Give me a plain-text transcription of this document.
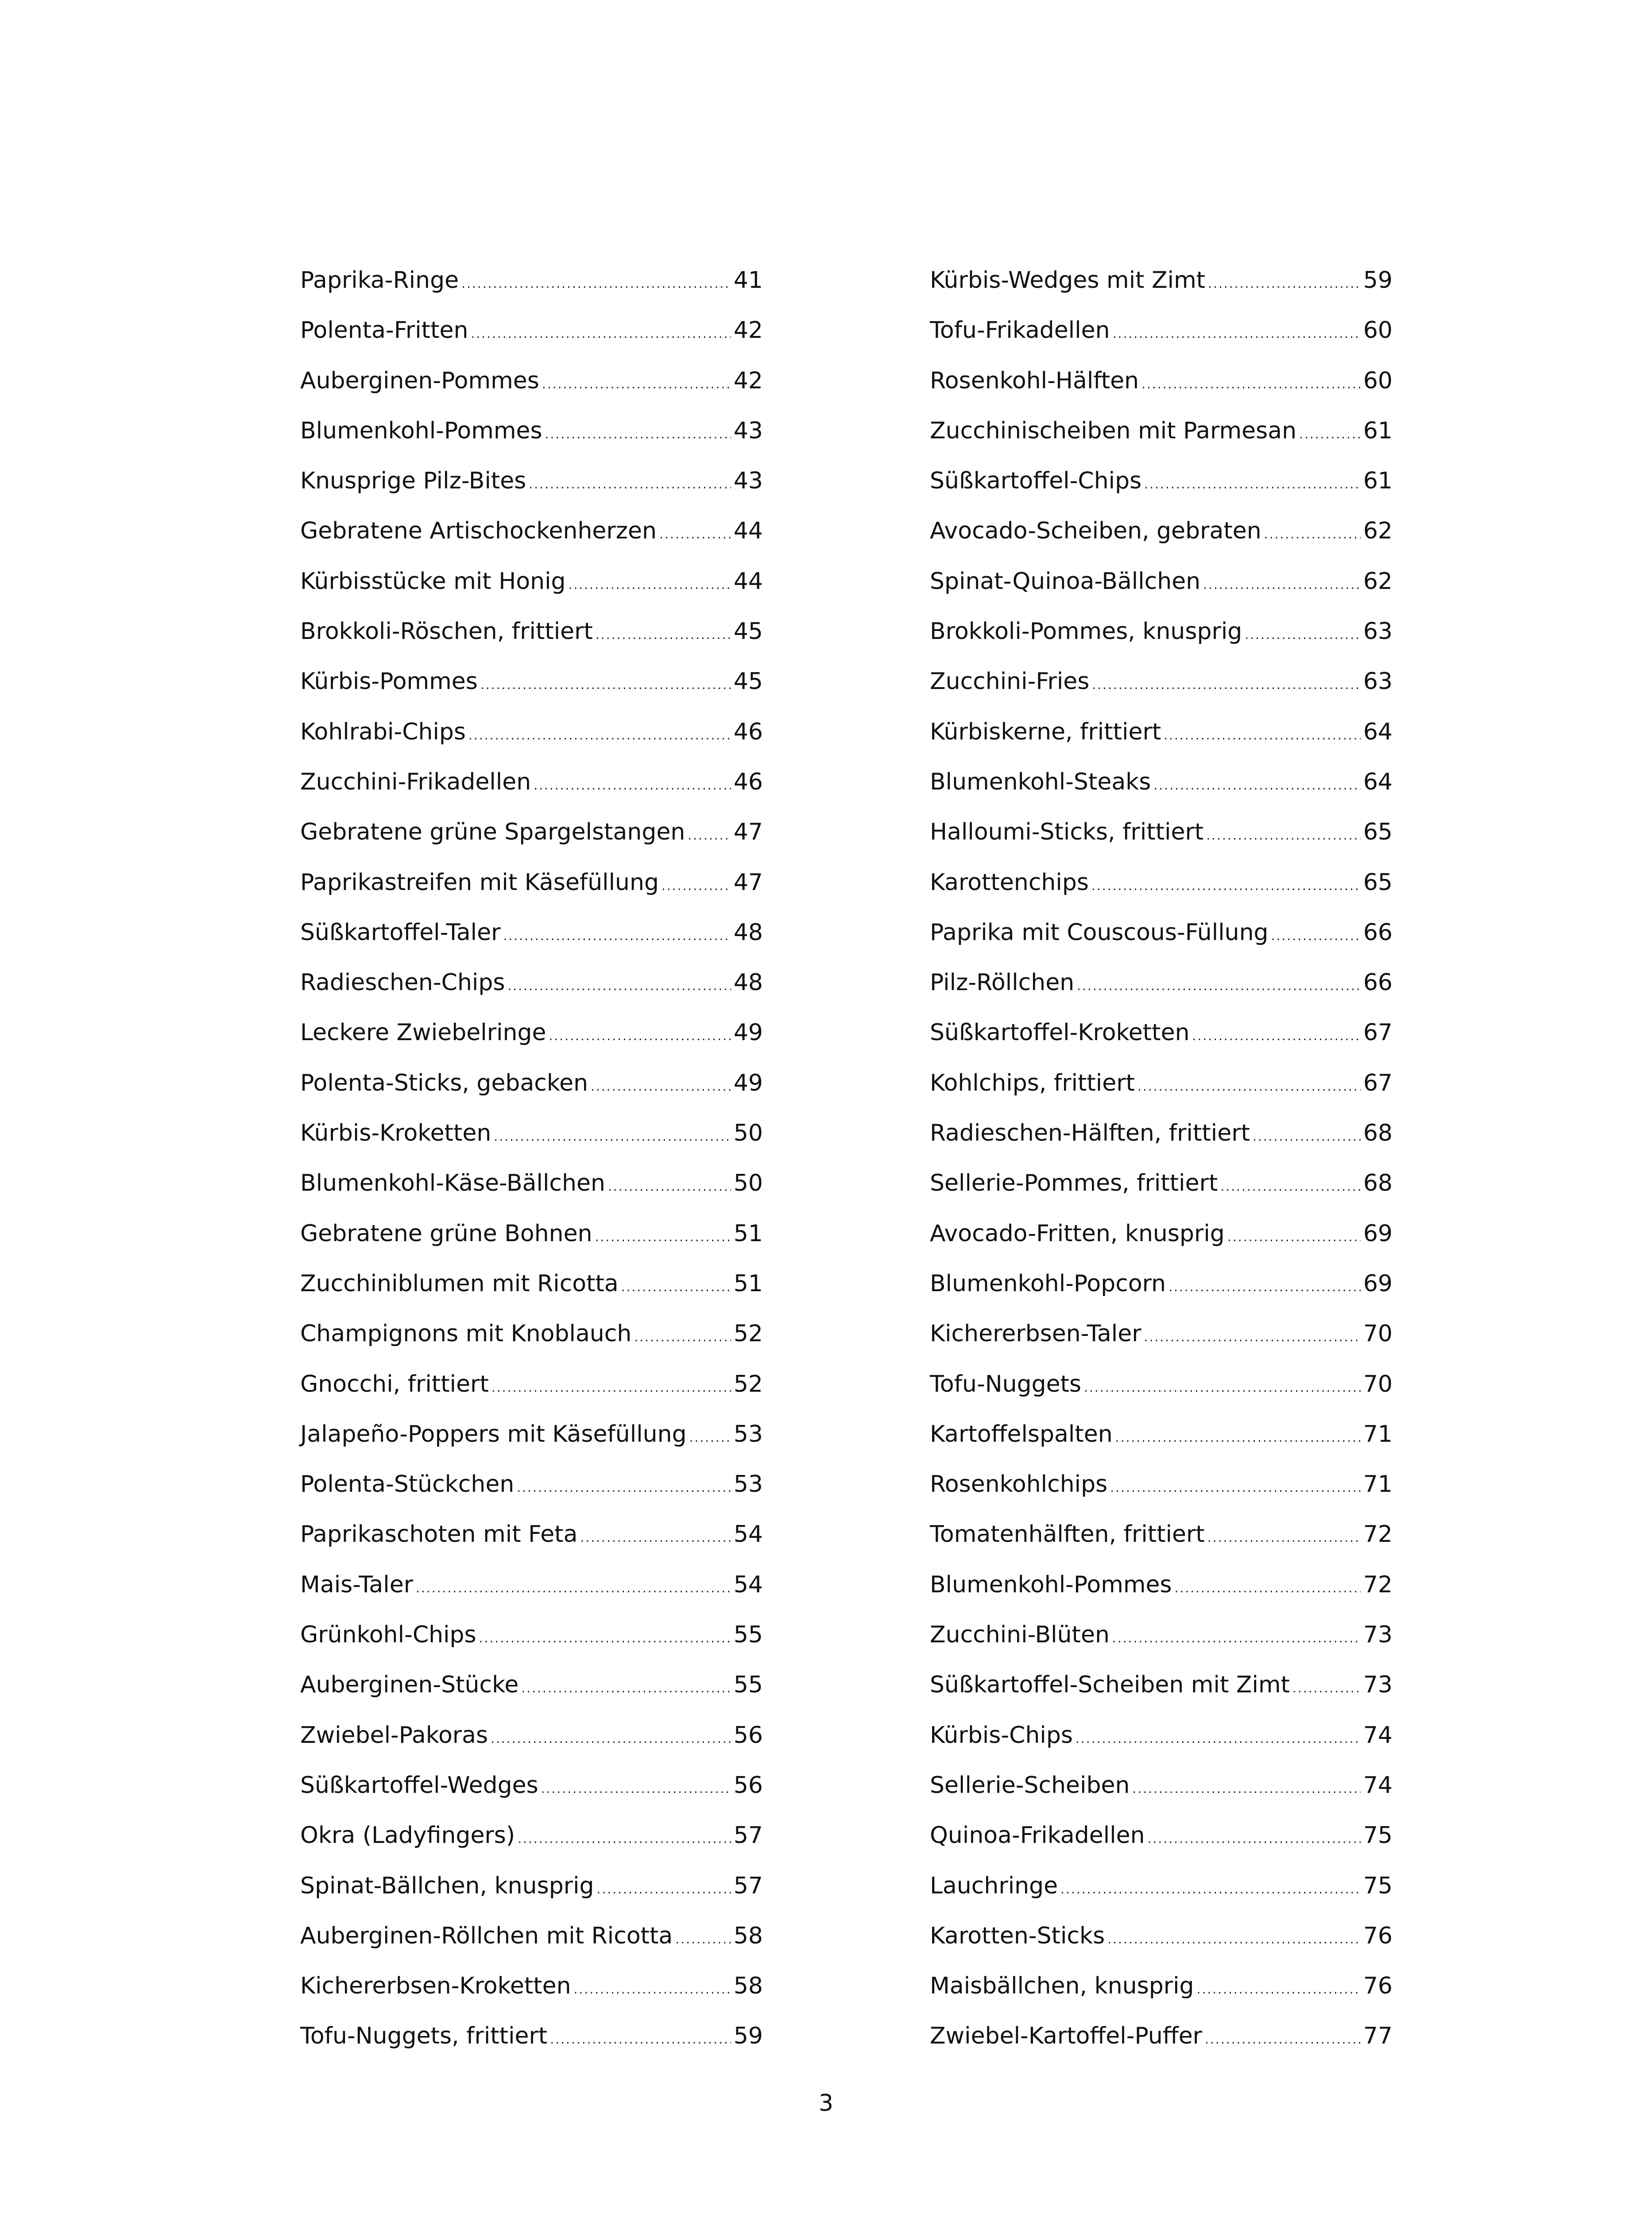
Paprika-Ringe .....	41
Polenta-Fritten .....	42
Auberginen-Pommes .....	42
Blumenkohl-Pommes .....	43
Knusprige Pilz-Bites .....	43
Gebratene Artischockenherzen .....	44
Kürbisstücke mit Honig .....	44
Brokkoli-Röschen, frittiert .....	45
Kürbis-Pommes .....	45
Kohlrabi-Chips .....	46
Zucchini-Frikadellen .....	46
Gebratene grüne Spargelstangen ..... 47
Paprikastreifen mit Käsefüllung .....	47
Süßkartoffel-Taler .....	48
Radieschen-Chips .....	48
Leckere Zwiebelringe .....	49
Polenta-Sticks, gebacken .....	49
Kürbis-Kroketten .....	50
Blumenkohl-Käse-Bällchen .....	50
Gebratene grüne Bohnen .....	51
Zucchiniblumen mit Ricotta .....	51
Champignons mit Knoblauch .....	52
Gnocchi, frittiert .....	52
Jalapeño-Poppers mit Käsefüllung ..... 53
Polenta-Stückchen .....	53
Paprikaschoten mit Feta .....	54
Mais-Taler .....	54
Grünkohl-Chips .....	55
Auberginen-Stücke .....	55
Zwiebel-Pakoras .....	56
Süßkartoffel-Wedges .....	56
Okra (Ladyfingers) .....	57
Spinat-Bällchen, knusprig .....	57
Auberginen-Röllchen mit Ricotta .....	58
Kichererbsen-Kroketten .....	58
Tofu-Nuggets, frittiert .....	59
Kürbis-Wedges mit Zimt .....	59
Tofu-Frikadellen .....	60
Rosenkohl-Hälften .....	60
Zucchinischeiben mit Parmesan .....	61
Süßkartoffel-Chips .....	61
Avocado-Scheiben, gebraten .....	62
Spinat-Quinoa-Bällchen .....	62
Brokkoli-Pommes, knusprig .....	63
Zucchini-Fries .....	63
Kürbiskerne, frittiert .....	64
Blumenkohl-Steaks .....	64
Halloumi-Sticks, frittiert .....	65
Karottenchips .....	65
Paprika mit Couscous-Füllung .....	66
Pilz-Röllchen .....	66
Süßkartoffel-Kroketten .....	67
Kohlchips, frittiert .....	67
Radieschen-Hälften, frittiert .....	68
Sellerie-Pommes, frittiert .....	68
Avocado-Fritten, knusprig .....	69
Blumenkohl-Popcorn .....	69
Kichererbsen-Taler .....	70
Tofu-Nuggets .....	70
Kartoffelspalten .....	71
Rosenkohlchips .....	71
Tomatenhälften, frittiert .....	72
Blumenkohl-Pommes .....	72
Zucchini-Blüten .....	73
Süßkartoffel-Scheiben mit Zimt .....	73
Kürbis-Chips .....	74
Sellerie-Scheiben .....	74
Quinoa-Frikadellen .....	75
Lauchringe .....	75
Karotten-Sticks .....	76
Maisbällchen, knusprig .....	76
Zwiebel-Kartoffel-Puffer .....	77
3
